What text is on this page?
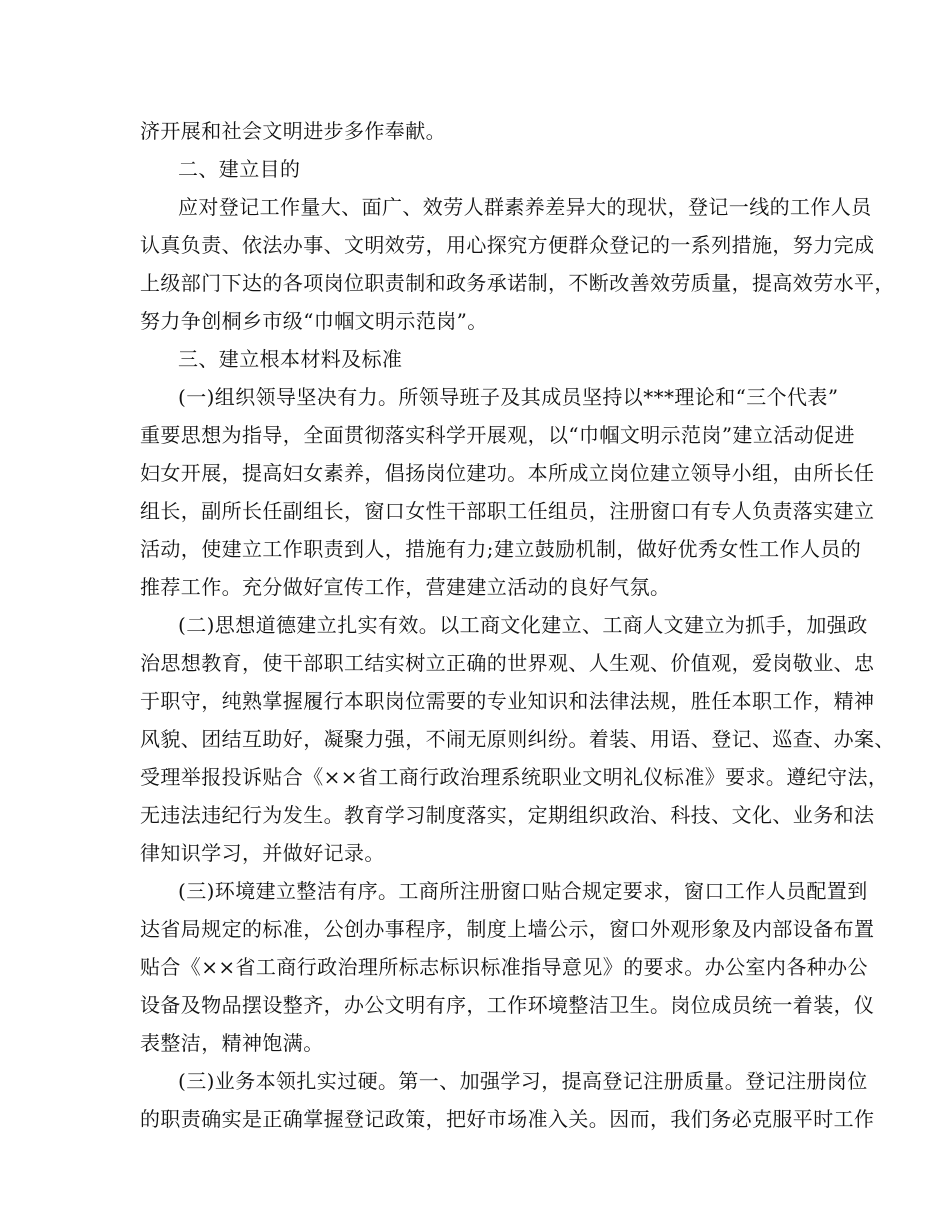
济开展和社会文明进步多作奉献。
二、建立目的
应对登记工作量大、面广、效劳人群素养差异大的现状，登记一线的工作人员
认真负责、依法办事、文明效劳，用心探究方便群众登记的一系列措施，努力完成
上级部门下达的各项岗位职责制和政务承诺制，不断改善效劳质量，提高效劳水平，
努力争创桐乡市级“巾帼文明示范岗”。
三、建立根本材料及标准
(一)组织领导坚决有力。所领导班子及其成员坚持以***理论和“三个代表”
重要思想为指导，全面贯彻落实科学开展观，以“巾帼文明示范岗”建立活动促进
妇女开展，提高妇女素养，倡扬岗位建功。本所成立岗位建立领导小组，由所长任
组长，副所长任副组长，窗口女性干部职工任组员，注册窗口有专人负责落实建立
活动，使建立工作职责到人，措施有力;建立鼓励机制，做好优秀女性工作人员的
推荐工作。充分做好宣传工作，营建建立活动的良好气氛。
(二)思想道德建立扎实有效。以工商文化建立、工商人文建立为抓手，加强政
治思想教育，使干部职工结实树立正确的世界观、人生观、价值观，爱岗敬业、忠
于职守，纯熟掌握履行本职岗位需要的专业知识和法律法规，胜任本职工作，精神
风貌、团结互助好，凝聚力强，不闹无原则纠纷。着装、用语、登记、巡查、办案、
受理举报投诉贴合《××省工商行政治理系统职业文明礼仪标准》要求。遵纪守法，
无违法违纪行为发生。教育学习制度落实，定期组织政治、科技、文化、业务和法
律知识学习，并做好记录。
(三)环境建立整洁有序。工商所注册窗口贴合规定要求，窗口工作人员配置到
达省局规定的标准，公创办事程序，制度上墙公示，窗口外观形象及内部设备布置
贴合《××省工商行政治理所标志标识标准指导意见》的要求。办公室内各种办公
设备及物品摆设整齐，办公文明有序，工作环境整洁卫生。岗位成员统一着装，仪
表整洁，精神饱满。
(三)业务本领扎实过硬。第一、加强学习，提高登记注册质量。登记注册岗位
的职责确实是正确掌握登记政策，把好市场准入关。因而，我们务必克服平时工作
